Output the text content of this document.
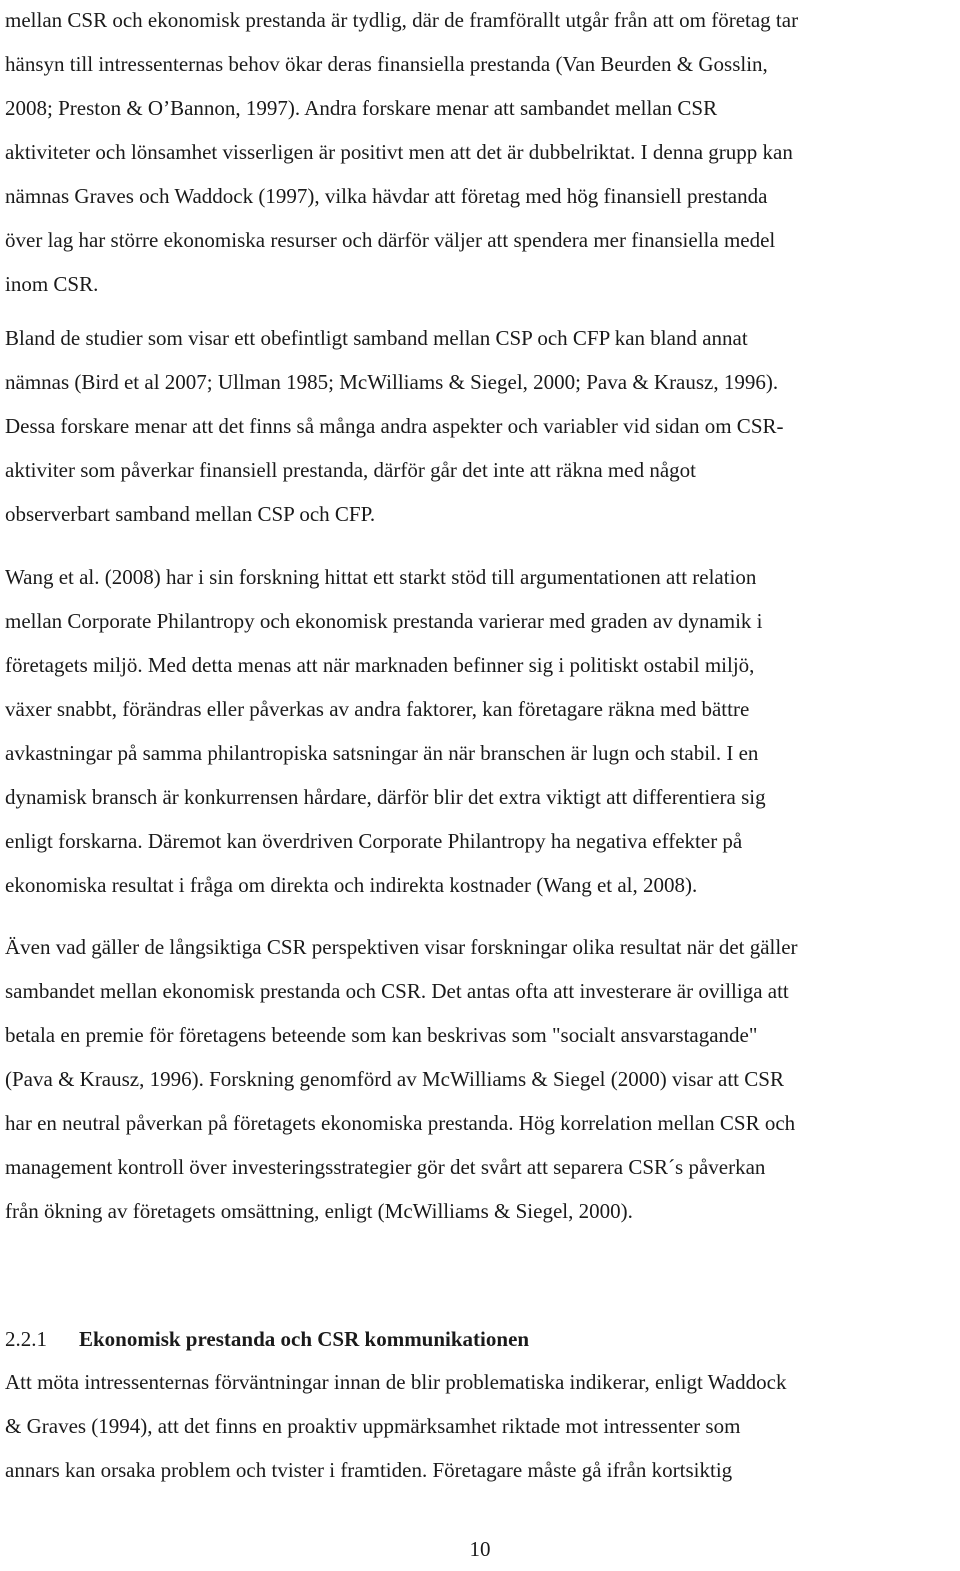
mellan CSR och ekonomisk prestanda är tydlig, där de framförallt utgår från att om företag tar
hänsyn till intressenternas behov ökar deras finansiella prestanda (Van Beurden & Gosslin,
2008; Preston & O’Bannon, 1997). Andra forskare menar att sambandet mellan CSR
aktiviteter och lönsamhet visserligen är positivt men att det är dubbelriktat. I denna grupp kan
nämnas Graves och Waddock (1997), vilka hävdar att företag med hög finansiell prestanda
över lag har större ekonomiska resurser och därför väljer att spendera mer finansiella medel
inom CSR.
Bland de studier som visar ett obefintligt samband mellan CSP och CFP kan bland annat
nämnas (Bird et al 2007; Ullman 1985; McWilliams & Siegel, 2000; Pava & Krausz, 1996).
Dessa forskare menar att det finns så många andra aspekter och variabler vid sidan om CSR-
aktiviter som påverkar finansiell prestanda, därför går det inte att räkna med något
observerbart samband mellan CSP och CFP.
Wang et al. (2008) har i sin forskning hittat ett starkt stöd till argumentationen att relation
mellan Corporate Philantropy och ekonomisk prestanda varierar med graden av dynamik i
företagets miljö. Med detta menas att när marknaden befinner sig i politiskt ostabil miljö,
växer snabbt, förändras eller påverkas av andra faktorer, kan företagare räkna med bättre
avkastningar på samma philantropiska satsningar än när branschen är lugn och stabil. I en
dynamisk bransch är konkurrensen hårdare, därför blir det extra viktigt att differentiera sig
enligt forskarna. Däremot kan överdriven Corporate Philantropy ha negativa effekter på
ekonomiska resultat i fråga om direkta och indirekta kostnader (Wang et al, 2008).
Även vad gäller de långsiktiga CSR perspektiven visar forskningar olika resultat när det gäller
sambandet mellan ekonomisk prestanda och CSR. Det antas ofta att investerare är ovilliga att
betala en premie för företagens beteende som kan beskrivas som "socialt ansvarstagande"
(Pava & Krausz, 1996). Forskning genomförd av McWilliams & Siegel (2000) visar att CSR
har en neutral påverkan på företagets ekonomiska prestanda. Hög korrelation mellan CSR och
management kontroll över investeringsstrategier gör det svårt att separera CSR´s påverkan
från ökning av företagets omsättning, enligt (McWilliams & Siegel, 2000).
2.2.1 Ekonomisk prestanda och CSR kommunikationen
Att möta intressenternas förväntningar innan de blir problematiska indikerar, enligt Waddock
& Graves (1994), att det finns en proaktiv uppmärksamhet riktade mot intressenter som
annars kan orsaka problem och tvister i framtiden. Företagare måste gå ifrån kortsiktig
10
